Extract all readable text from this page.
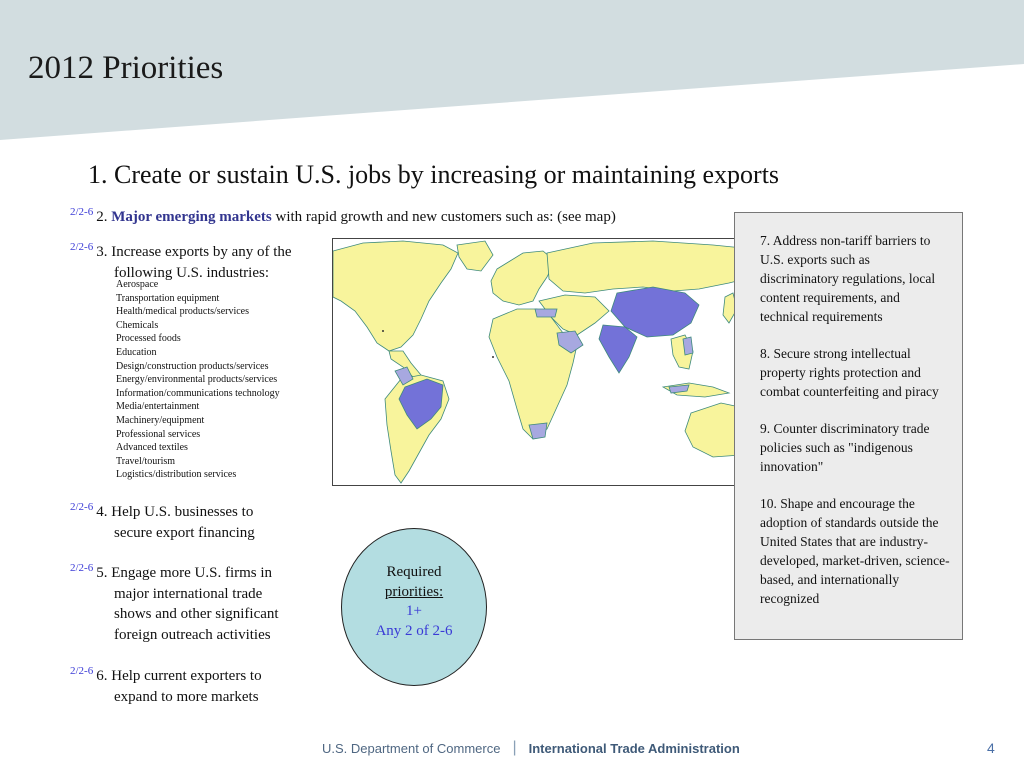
2012 Priorities
1. Create or sustain U.S. jobs by increasing or maintaining exports
$^{2/2-6}$ 2. Major emerging markets with rapid growth and new customers such as: (see map)
$^{2/2-6}$ 3. Increase exports by any of the
following U.S. industries:
Aerospace
Transportation equipment
Health/medical products/services
Chemicals
Processed foods
Education
Design/construction products/services
Energy/environmental products/services
Information/communications technology
Media/entertainment
Machinery/equipment
Professional services
Advanced textiles
Travel/tourism
Logistics/distribution services
$^{2/2-6}$ 4. Help U.S. businesses to
secure export financing
$^{2/2-6}$ 5. Engage more U.S. firms in
major international trade
shows and other significant
foreign outreach activities
$^{2/2-6}$ 6. Help current exporters to
expand to more markets

7. Address non-tariff barriers to U.S. exports such as discriminatory regulations, local content requirements, and technical requirements

8. Secure strong intellectual property rights protection and combat counterfeiting and piracy

9. Counter discriminatory trade policies such as "indigenous innovation"

10. Shape and encourage the adoption of standards outside the United States that are industry-developed, market-driven, science-based, and internationally recognized

Required
priorities:
1+
Any 2 of 2-6
U.S. Department of Commerce | International Trade Administration	4
